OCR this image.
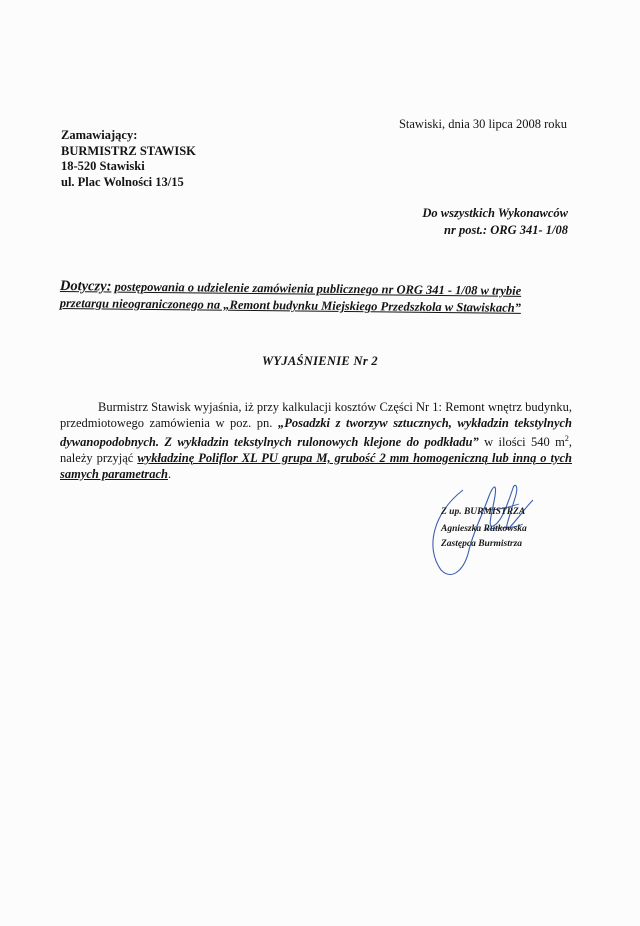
Stawiski, dnia 30 lipca 2008 roku
Zamawiający:
BURMISTRZ STAWISK
18-520 Stawiski
ul. Plac Wolności 13/15
Do wszystkich Wykonawców
nr post.: ORG 341- 1/08
Dotyczy: postępowania o udzielenie zamówienia publicznego nr ORG 341 - 1/08 w trybie przetargu nieograniczonego na „Remont budynku Miejskiego Przedszkola w Stawiskach”
WYJAŚNIENIE Nr 2
Burmistrz Stawisk wyjaśnia, iż przy kalkulacji kosztów Części Nr 1: Remont wnętrz budynku, przedmiotowego zamówienia w poz. pn. „Posadzki z tworzyw sztucznych, wykładzin tekstylnych dywanopodobnych. Z wykładzin tekstylnych rulonowych klejone do podkładu” w ilości 540 $m^2$, należy przyjąć wykładzinę Poliflor XL PU grupa M, grubość 2 mm homogeniczną lub inną o tych samych parametrach.
Z up. BURMISTRZA
Agnieszka Rutkowska
Zastępca Burmistrza
